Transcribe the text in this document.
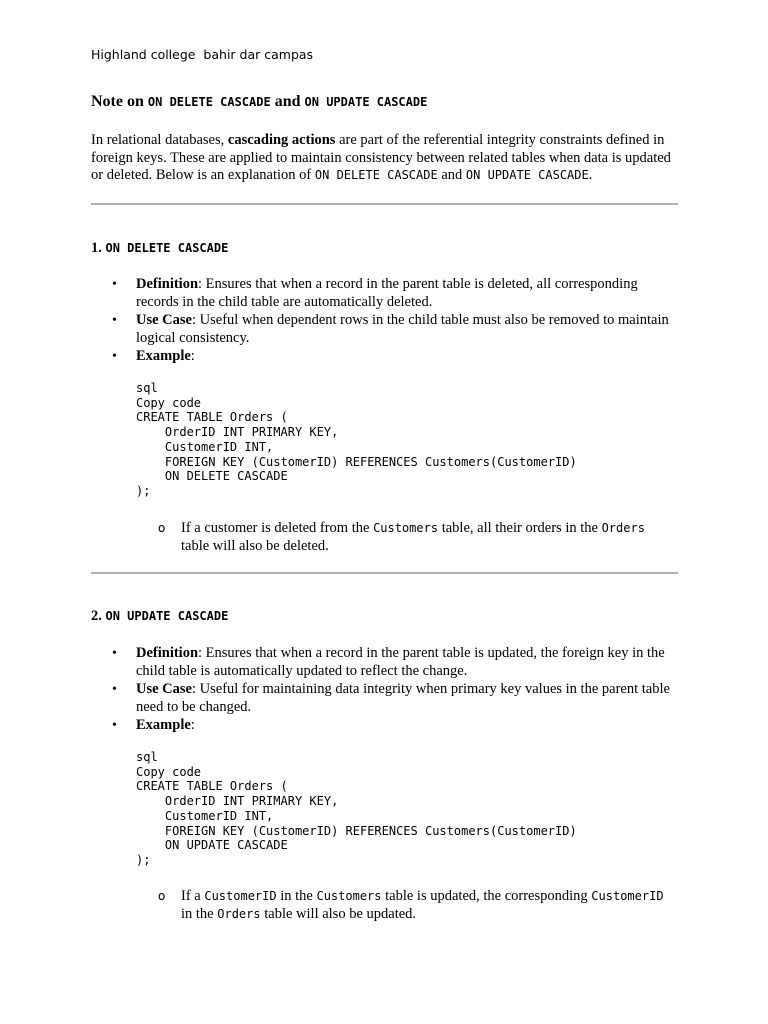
Highland college  bahir dar campas
Note on ON DELETE CASCADE and ON UPDATE CASCADE
In relational databases, cascading actions are part of the referential integrity constraints defined in foreign keys. These are applied to maintain consistency between related tables when data is updated or deleted. Below is an explanation of ON DELETE CASCADE and ON UPDATE CASCADE.
1. ON DELETE CASCADE
• Definition: Ensures that when a record in the parent table is deleted, all corresponding records in the child table are automatically deleted.
• Use Case: Useful when dependent rows in the child table must also be removed to maintain logical consistency.
• Example:
sql
Copy code
CREATE TABLE Orders (
OrderID INT PRIMARY KEY,
CustomerID INT,
FOREIGN KEY (CustomerID) REFERENCES Customers(CustomerID)
ON DELETE CASCADE
);
o	If a customer is deleted from the Customers table, all their orders in the Orders table will also be deleted.
2. ON UPDATE CASCADE
• Definition: Ensures that when a record in the parent table is updated, the foreign key in the child table is automatically updated to reflect the change.
• Use Case: Useful for maintaining data integrity when primary key values in the parent table need to be changed.
• Example:
sql
Copy code
CREATE TABLE Orders (
OrderID INT PRIMARY KEY,
CustomerID INT,
FOREIGN KEY (CustomerID) REFERENCES Customers(CustomerID)
ON UPDATE CASCADE
);
o	If a CustomerID in the Customers table is updated, the corresponding CustomerID in the Orders table will also be updated.
